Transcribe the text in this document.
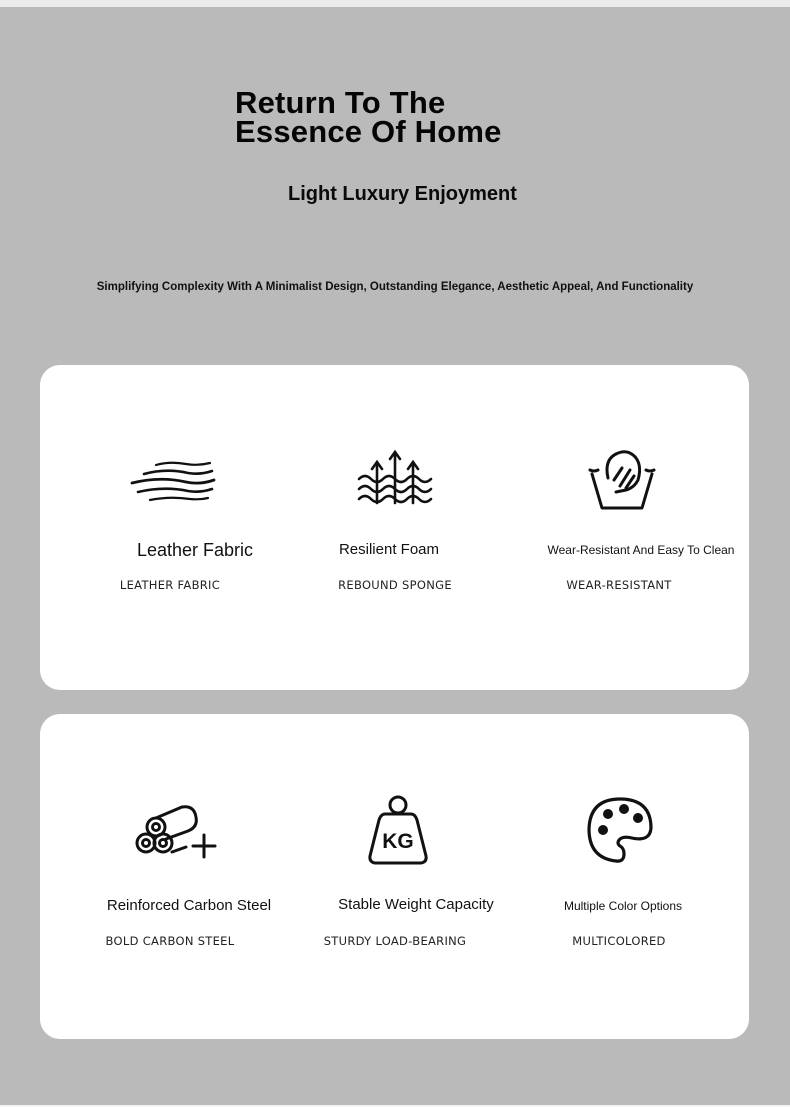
Return To The
Essence Of Home
Light Luxury Enjoyment
Simplifying Complexity With A Minimalist Design, Outstanding Elegance, Aesthetic Appeal, And Functionality
Leather Fabric
LEATHER FABRIC
Resilient Foam
REBOUND SPONGE
Wear-Resistant And Easy To Clean
WEAR-RESISTANT
Reinforced Carbon Steel
BOLD CARBON STEEL
KG
Stable Weight Capacity
STURDY LOAD-BEARING
Multiple Color Options
MULTICOLORED
